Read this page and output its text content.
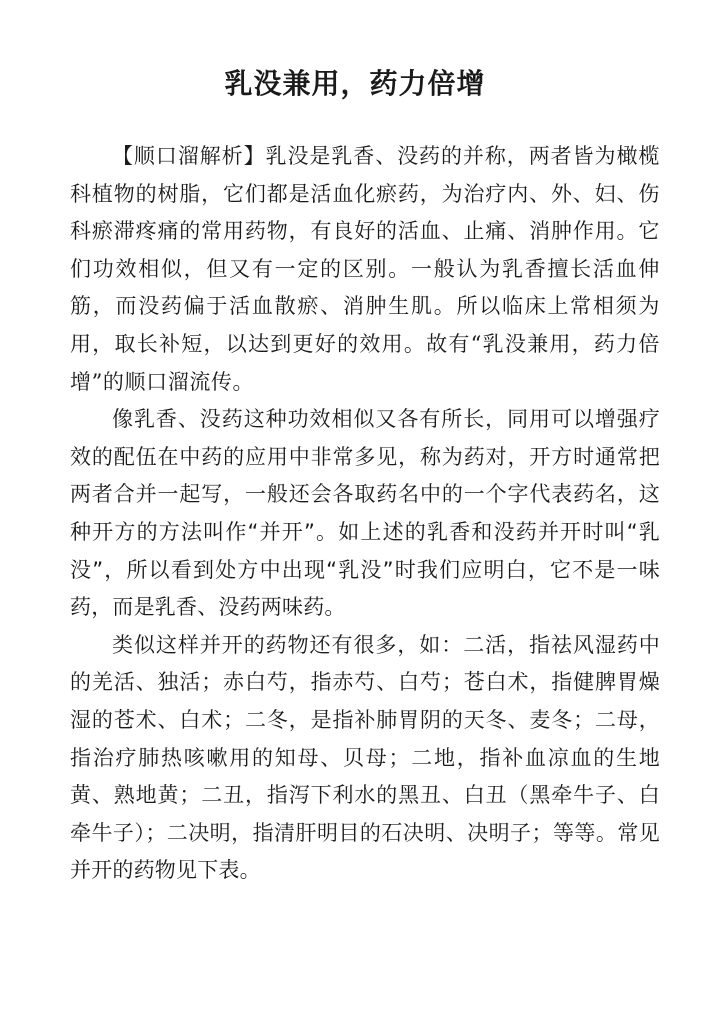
乳没兼用，药力倍增

【顺口溜解析】乳没是乳香、没药的并称，两者皆为橄榄科植物的树脂，它们都是活血化瘀药，为治疗内、外、妇、伤科瘀滞疼痛的常用药物，有良好的活血、止痛、消肿作用。它们功效相似，但又有一定的区别。一般认为乳香擅长活血伸筋，而没药偏于活血散瘀、消肿生肌。所以临床上常相须为用，取长补短，以达到更好的效用。故有“乳没兼用，药力倍增”的顺口溜流传。

像乳香、没药这种功效相似又各有所长，同用可以增强疗效的配伍在中药的应用中非常多见，称为药对，开方时通常把两者合并一起写，一般还会各取药名中的一个字代表药名，这种开方的方法叫作“并开”。如上述的乳香和没药并开时叫“乳没”，所以看到处方中出现“乳没”时我们应明白，它不是一味药，而是乳香、没药两味药。

类似这样并开的药物还有很多，如：二活，指祛风湿药中的羌活、独活；赤白芍，指赤芍、白芍；苍白术，指健脾胃燥湿的苍术、白术；二冬，是指补肺胃阴的天冬、麦冬；二母，指治疗肺热咳嗽用的知母、贝母；二地，指补血凉血的生地黄、熟地黄；二丑，指泻下利水的黑丑、白丑（黑牵牛子、白牵牛子）；二决明，指清肝明目的石决明、决明子；等等。常见并开的药物见下表。
